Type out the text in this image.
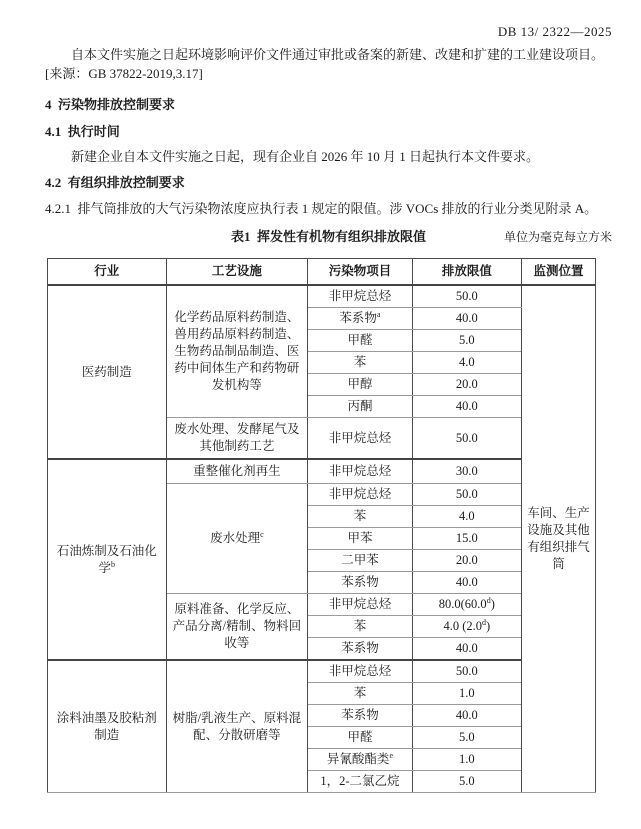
DB 13/ 2322—2025
自本文件实施之日起环境影响评价文件通过审批或备案的新建、改建和扩建的工业建设项目。
[来源：GB 37822-2019,3.17]
4  污染物排放控制要求
4.1  执行时间
新建企业自本文件实施之日起，现有企业自 2026 年 10 月 1 日起执行本文件要求。
4.2  有组织排放控制要求
4.2.1  排气筒排放的大气污染物浓度应执行表 1 规定的限值。涉 VOCs 排放的行业分类见附录 A。
表1  挥发性有机物有组织排放限值	单位为毫克每立方米
行业	工艺设施	污染物项目	排放限值	监测位置
医药制造	化学药品原料药制造、兽用药品原料药制造、生物药品制品制造、医药中间体生产和药物研发机构等	非甲烷总烃	50.0	车间、生产设施及其他有组织排气筒
		苯系物$^a$	40.0	
		甲醛	5.0	
		苯	4.0	
		甲醇	20.0	
		丙酮	40.0	
	废水处理、发酵尾气及其他制药工艺	非甲烷总烃	50.0	
石油炼制及石油化学$^b$	重整催化剂再生	非甲烷总烃	30.0	
	废水处理$^c$	非甲烷总烃	50.0	
		苯	4.0	
		甲苯	15.0	
		二甲苯	20.0	
		苯系物	40.0	
	原料准备、化学反应、产品分离/精制、物料回收等	非甲烷总烃	80.0(60.0$^d$)	
		苯	4.0 (2.0$^d$)	
		苯系物	40.0	
涂料油墨及胶粘剂制造	树脂/乳液生产、原料混配、分散研磨等	非甲烷总烃	50.0	
		苯	1.0	
		苯系物	40.0	
		甲醛	5.0	
		异氰酸酯类$^e$	1.0	
		1，2-二氯乙烷	5.0	
